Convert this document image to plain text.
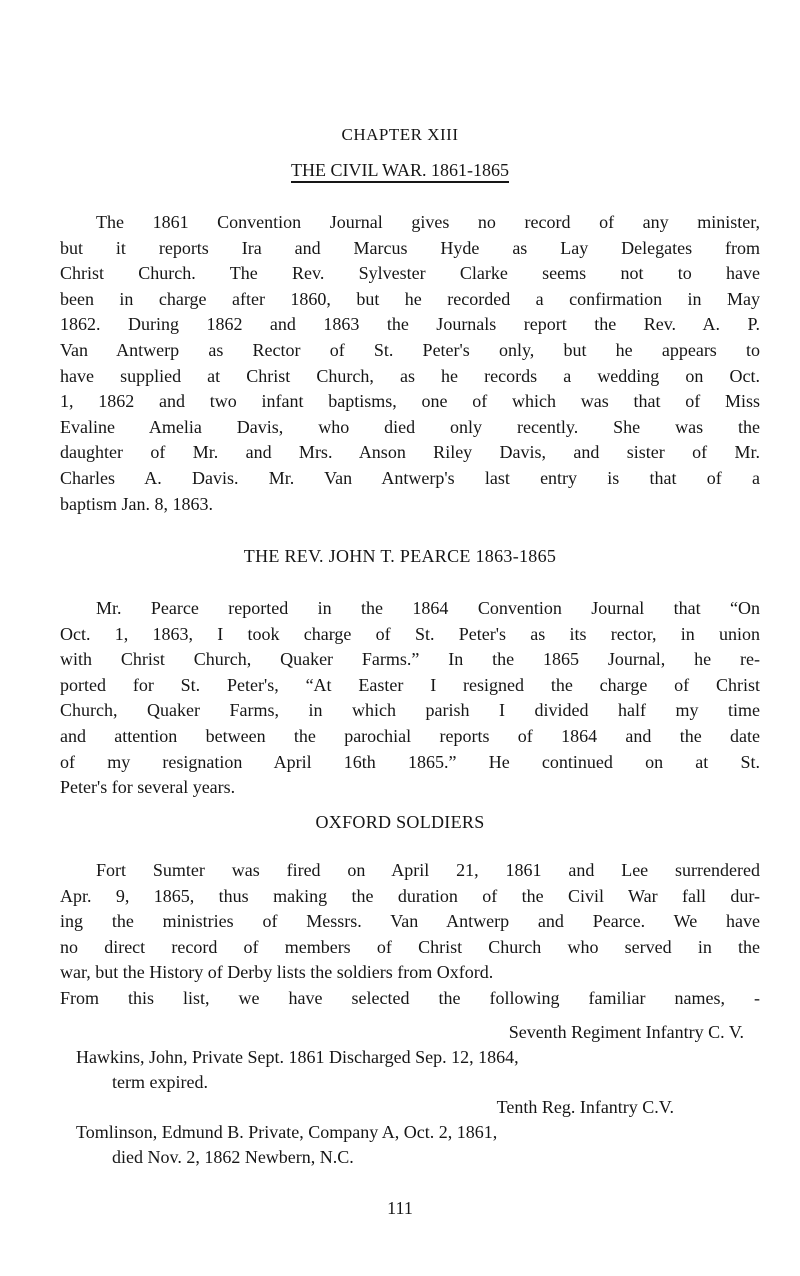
CHAPTER XIII
THE CIVIL WAR. 1861-1865
The 1861 Convention Journal gives no record of any minister,
but it reports Ira and Marcus Hyde as Lay Delegates from
Christ Church. The Rev. Sylvester Clarke seems not to have
been in charge after 1860, but he recorded a confirmation in May
1862. During 1862 and 1863 the Journals report the Rev. A. P.
Van Antwerp as Rector of St. Peter's only, but he appears to
have supplied at Christ Church, as he records a wedding on Oct.
1, 1862 and two infant baptisms, one of which was that of Miss
Evaline Amelia Davis, who died only recently. She was the
daughter of Mr. and Mrs. Anson Riley Davis, and sister of Mr.
Charles A. Davis. Mr. Van Antwerp's last entry is that of a
baptism Jan. 8, 1863.
THE REV. JOHN T. PEARCE 1863-1865
Mr. Pearce reported in the 1864 Convention Journal that “On
Oct. 1, 1863, I took charge of St. Peter's as its rector, in union
with Christ Church, Quaker Farms.” In the 1865 Journal, he re-
ported for St. Peter's, “At Easter I resigned the charge of Christ
Church, Quaker Farms, in which parish I divided half my time
and attention between the parochial reports of 1864 and the date
of my resignation April 16th 1865.” He continued on at St.
Peter's for several years.
OXFORD SOLDIERS
Fort Sumter was fired on April 21, 1861 and Lee surrendered
Apr. 9, 1865, thus making the duration of the Civil War fall dur-
ing the ministries of Messrs. Van Antwerp and Pearce. We have
no direct record of members of Christ Church who served in the
war, but the History of Derby lists the soldiers from Oxford.
From this list, we have selected the following familiar names, -
Seventh Regiment Infantry C. V.
Hawkins, John, Private Sept. 1861 Discharged Sep. 12, 1864,
term expired.
Tenth Reg. Infantry C.V.
Tomlinson, Edmund B. Private, Company A, Oct. 2, 1861,
died Nov. 2, 1862 Newbern, N.C.
111
